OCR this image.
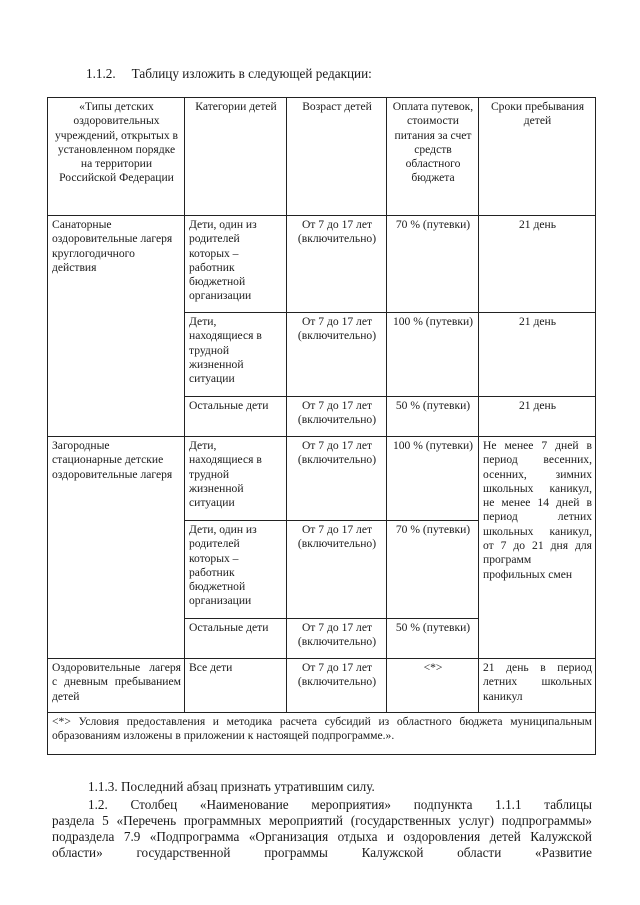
1.1.2. Таблицу изложить в следующей редакции:
«Типы детских оздоровительных учреждений, открытых в установленном порядке на территории Российской Федерации	Категории детей	Возраст детей	Оплата путевок, стоимости питания за счет средств областного бюджета	Сроки пребывания детей
Санаторные оздоровительные лагеря круглогодичного действия	Дети, один из родителей которых – работник бюджетной организации	От 7 до 17 лет (включительно)	70 % (путевки)	21 день
	Дети, находящиеся в трудной жизненной ситуации	От 7 до 17 лет (включительно)	100 % (путевки)	21 день
	Остальные дети	От 7 до 17 лет (включительно)	50 % (путевки)	21 день
Загородные стационарные детские оздоровительные лагеря	Дети, находящиеся в трудной жизненной ситуации	От 7 до 17 лет (включительно)	100 % (путевки)	Не менее 7 дней в период весенних, осенних, зимних школьных каникул, не менее 14 дней в период летних школьных каникул, от 7 до 21 дня для программ профильных смен
	Дети, один из родителей которых – работник бюджетной организации	От 7 до 17 лет (включительно)	70 % (путевки)	
	Остальные дети	От 7 до 17 лет (включительно)	50 % (путевки)	
Оздоровительные лагеря с дневным пребыванием детей	Все дети	От 7 до 17 лет (включительно)	<*>	21 день в период летних школьных каникул
<*> Условия предоставления и методика расчета субсидий из областного бюджета муниципальным образованиям изложены в приложении к настоящей подпрограмме.».				
1.1.3. Последний абзац признать утратившим силу.
1.2. Столбец «Наименование мероприятия» подпункта 1.1.1 таблицы
раздела 5 «Перечень программных мероприятий (государственных услуг) подпрограммы»
подраздела 7.9 «Подпрограмма «Организация отдыха и оздоровления детей Калужской
области» государственной программы Калужской области «Развитие
